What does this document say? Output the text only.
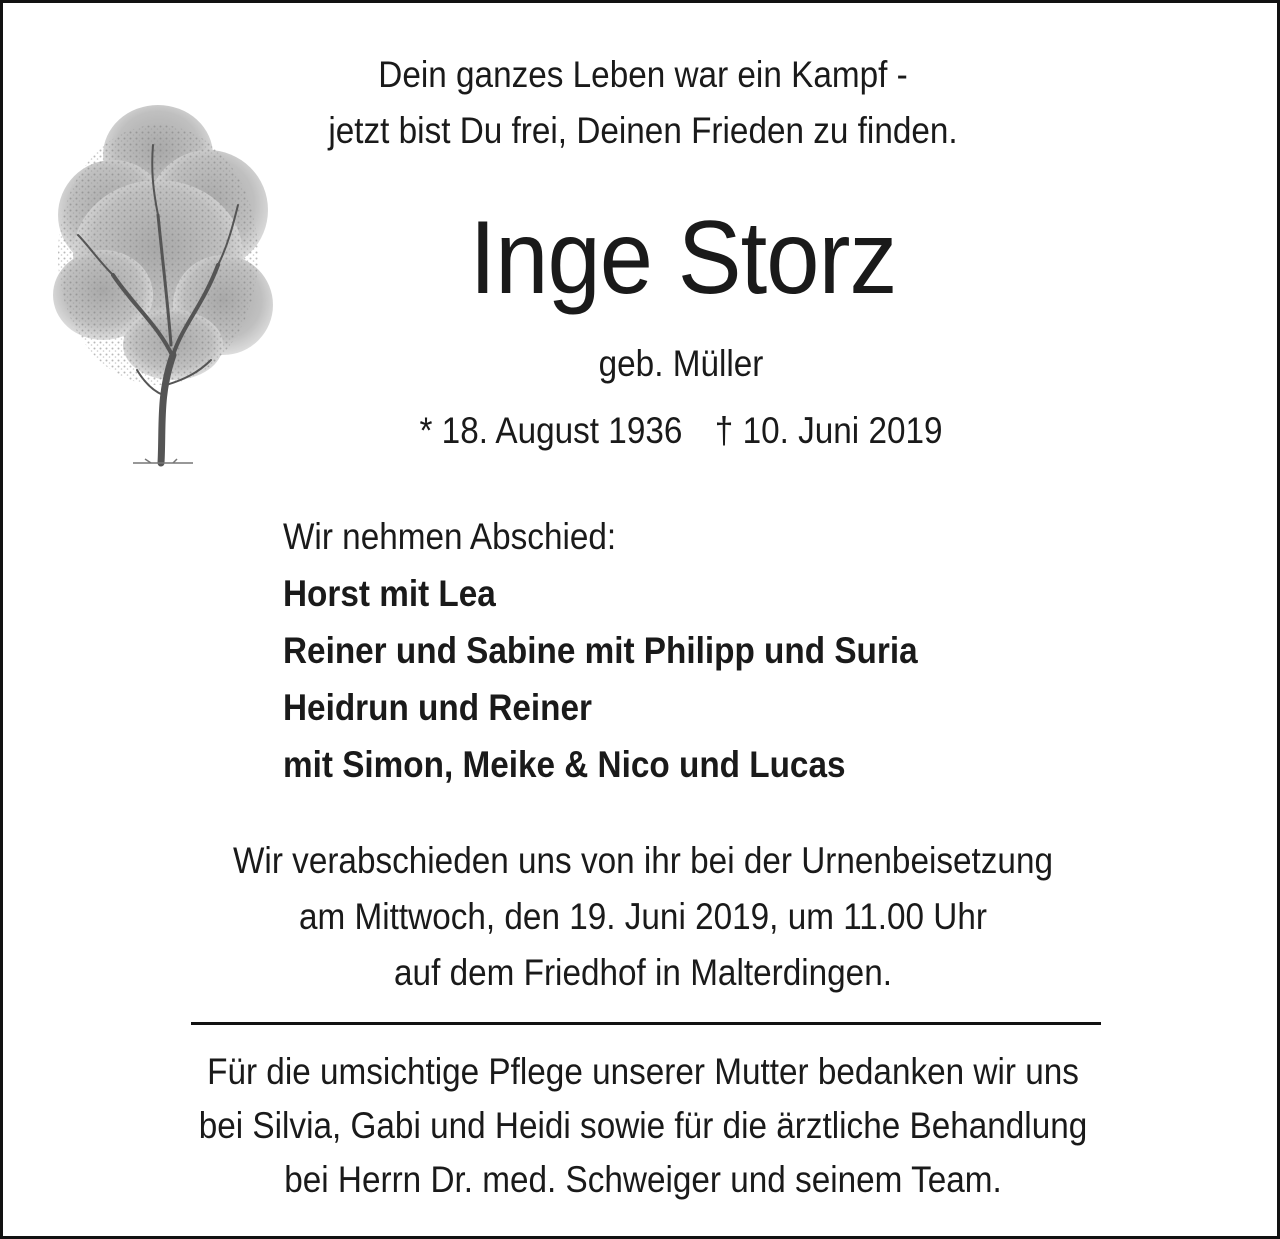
Dein ganzes Leben war ein Kampf -
jetzt bist Du frei, Deinen Frieden zu finden.
Inge Storz
geb. Müller
* 18. August 1936 † 10. Juni 2019
Wir nehmen Abschied:
Horst mit Lea
Reiner und Sabine mit Philipp und Suria
Heidrun und Reiner
mit Simon, Meike & Nico und Lucas
Wir verabschieden uns von ihr bei der Urnenbeisetzung
am Mittwoch, den 19. Juni 2019, um 11.00 Uhr
auf dem Friedhof in Malterdingen.
Für die umsichtige Pflege unserer Mutter bedanken wir uns
bei Silvia, Gabi und Heidi sowie für die ärztliche Behandlung
bei Herrn Dr. med. Schweiger und seinem Team.
